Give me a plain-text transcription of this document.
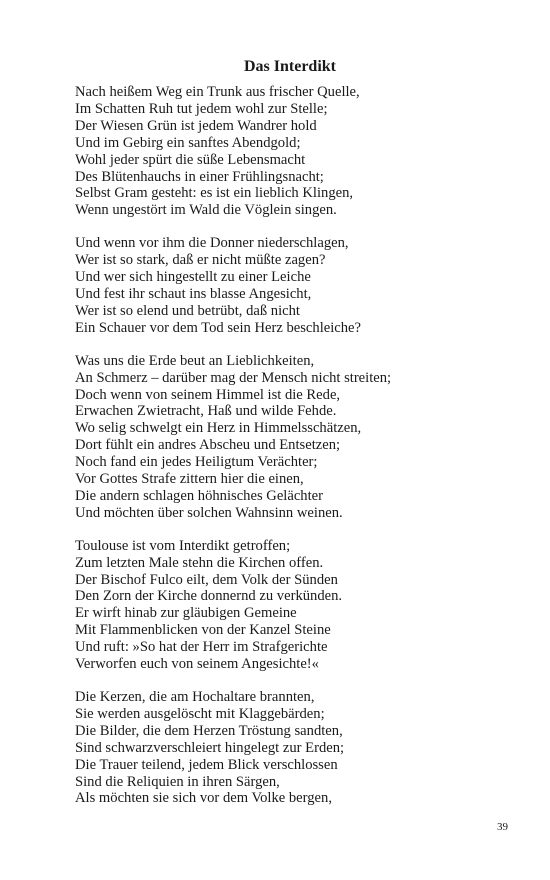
Das Interdikt
Nach heißem Weg ein Trunk aus frischer Quelle,
Im Schatten Ruh tut jedem wohl zur Stelle;
Der Wiesen Grün ist jedem Wandrer hold
Und im Gebirg ein sanftes Abendgold;
Wohl jeder spürt die süße Lebensmacht
Des Blütenhauchs in einer Frühlingsnacht;
Selbst Gram gesteht: es ist ein lieblich Klingen,
Wenn ungestört im Wald die Vöglein singen.
Und wenn vor ihm die Donner niederschlagen,
Wer ist so stark, daß er nicht müßte zagen?
Und wer sich hingestellt zu einer Leiche
Und fest ihr schaut ins blasse Angesicht,
Wer ist so elend und betrübt, daß nicht
Ein Schauer vor dem Tod sein Herz beschleiche?
Was uns die Erde beut an Lieblichkeiten,
An Schmerz – darüber mag der Mensch nicht streiten;
Doch wenn von seinem Himmel ist die Rede,
Erwachen Zwietracht, Haß und wilde Fehde.
Wo selig schwelgt ein Herz in Himmelsschätzen,
Dort fühlt ein andres Abscheu und Entsetzen;
Noch fand ein jedes Heiligtum Verächter;
Vor Gottes Strafe zittern hier die einen,
Die andern schlagen höhnisches Gelächter
Und möchten über solchen Wahnsinn weinen.
Toulouse ist vom Interdikt getroffen;
Zum letzten Male stehn die Kirchen offen.
Der Bischof Fulco eilt, dem Volk der Sünden
Den Zorn der Kirche donnernd zu verkünden.
Er wirft hinab zur gläubigen Gemeine
Mit Flammenblicken von der Kanzel Steine
Und ruft: »So hat der Herr im Strafgerichte
Verworfen euch von seinem Angesichte!«
Die Kerzen, die am Hochaltare brannten,
Sie werden ausgelöscht mit Klaggebärden;
Die Bilder, die dem Herzen Tröstung sandten,
Sind schwarzverschleiert hingelegt zur Erden;
Die Trauer teilend, jedem Blick verschlossen
Sind die Reliquien in ihren Särgen,
Als möchten sie sich vor dem Volke bergen,
39
